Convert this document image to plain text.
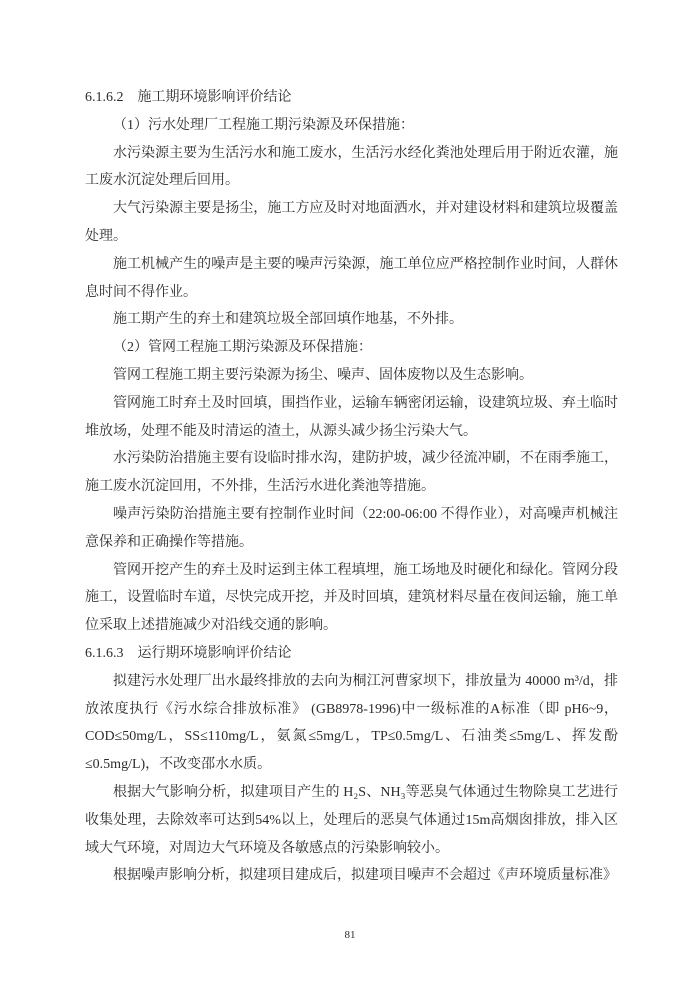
6.1.6.2　施工期环境影响评价结论
（1）污水处理厂工程施工期污染源及环保措施：
水污染源主要为生活污水和施工废水，生活污水经化粪池处理后用于附近农灌，施工废水沉淀处理后回用。
大气污染源主要是扬尘，施工方应及时对地面洒水，并对建设材料和建筑垃圾覆盖处理。
施工机械产生的噪声是主要的噪声污染源，施工单位应严格控制作业时间，人群休息时间不得作业。
施工期产生的弃土和建筑垃圾全部回填作地基，不外排。
（2）管网工程施工期污染源及环保措施：
管网工程施工期主要污染源为扬尘、噪声、固体废物以及生态影响。
管网施工时弃土及时回填，围挡作业，运输车辆密闭运输，设建筑垃圾、弃土临时堆放场，处理不能及时清运的渣土，从源头减少扬尘污染大气。
水污染防治措施主要有设临时排水沟，建防护坡，减少径流冲刷，不在雨季施工，施工废水沉淀回用，不外排，生活污水进化粪池等措施。
噪声污染防治措施主要有控制作业时间（22:00-06:00 不得作业），对高噪声机械注意保养和正确操作等措施。
管网开挖产生的弃土及时运到主体工程填埋，施工场地及时硬化和绿化。管网分段施工，设置临时车道，尽快完成开挖，并及时回填，建筑材料尽量在夜间运输，施工单位采取上述措施减少对沿线交通的影响。
6.1.6.3　运行期环境影响评价结论
拟建污水处理厂出水最终排放的去向为桐江河曹家坝下，排放量为 40000 m³/d，排放浓度执行《污水综合排放标准》 (GB8978-1996)中一级标准的A标准（即 pH6~9，COD≤50mg/L，SS≤110mg/L，氨氮≤5mg/L，TP≤0.5mg/L、石油类≤5mg/L、挥发酚≤0.5mg/L)，不改变邵水水质。
根据大气影响分析，拟建项目产生的 H₂S、NH₃等恶臭气体通过生物除臭工艺进行收集处理，去除效率可达到54%以上，处理后的恶臭气体通过15m高烟囱排放，排入区域大气环境，对周边大气环境及各敏感点的污染影响较小。
根据噪声影响分析，拟建项目建成后，拟建项目噪声不会超过《声环境质量标准》
81
